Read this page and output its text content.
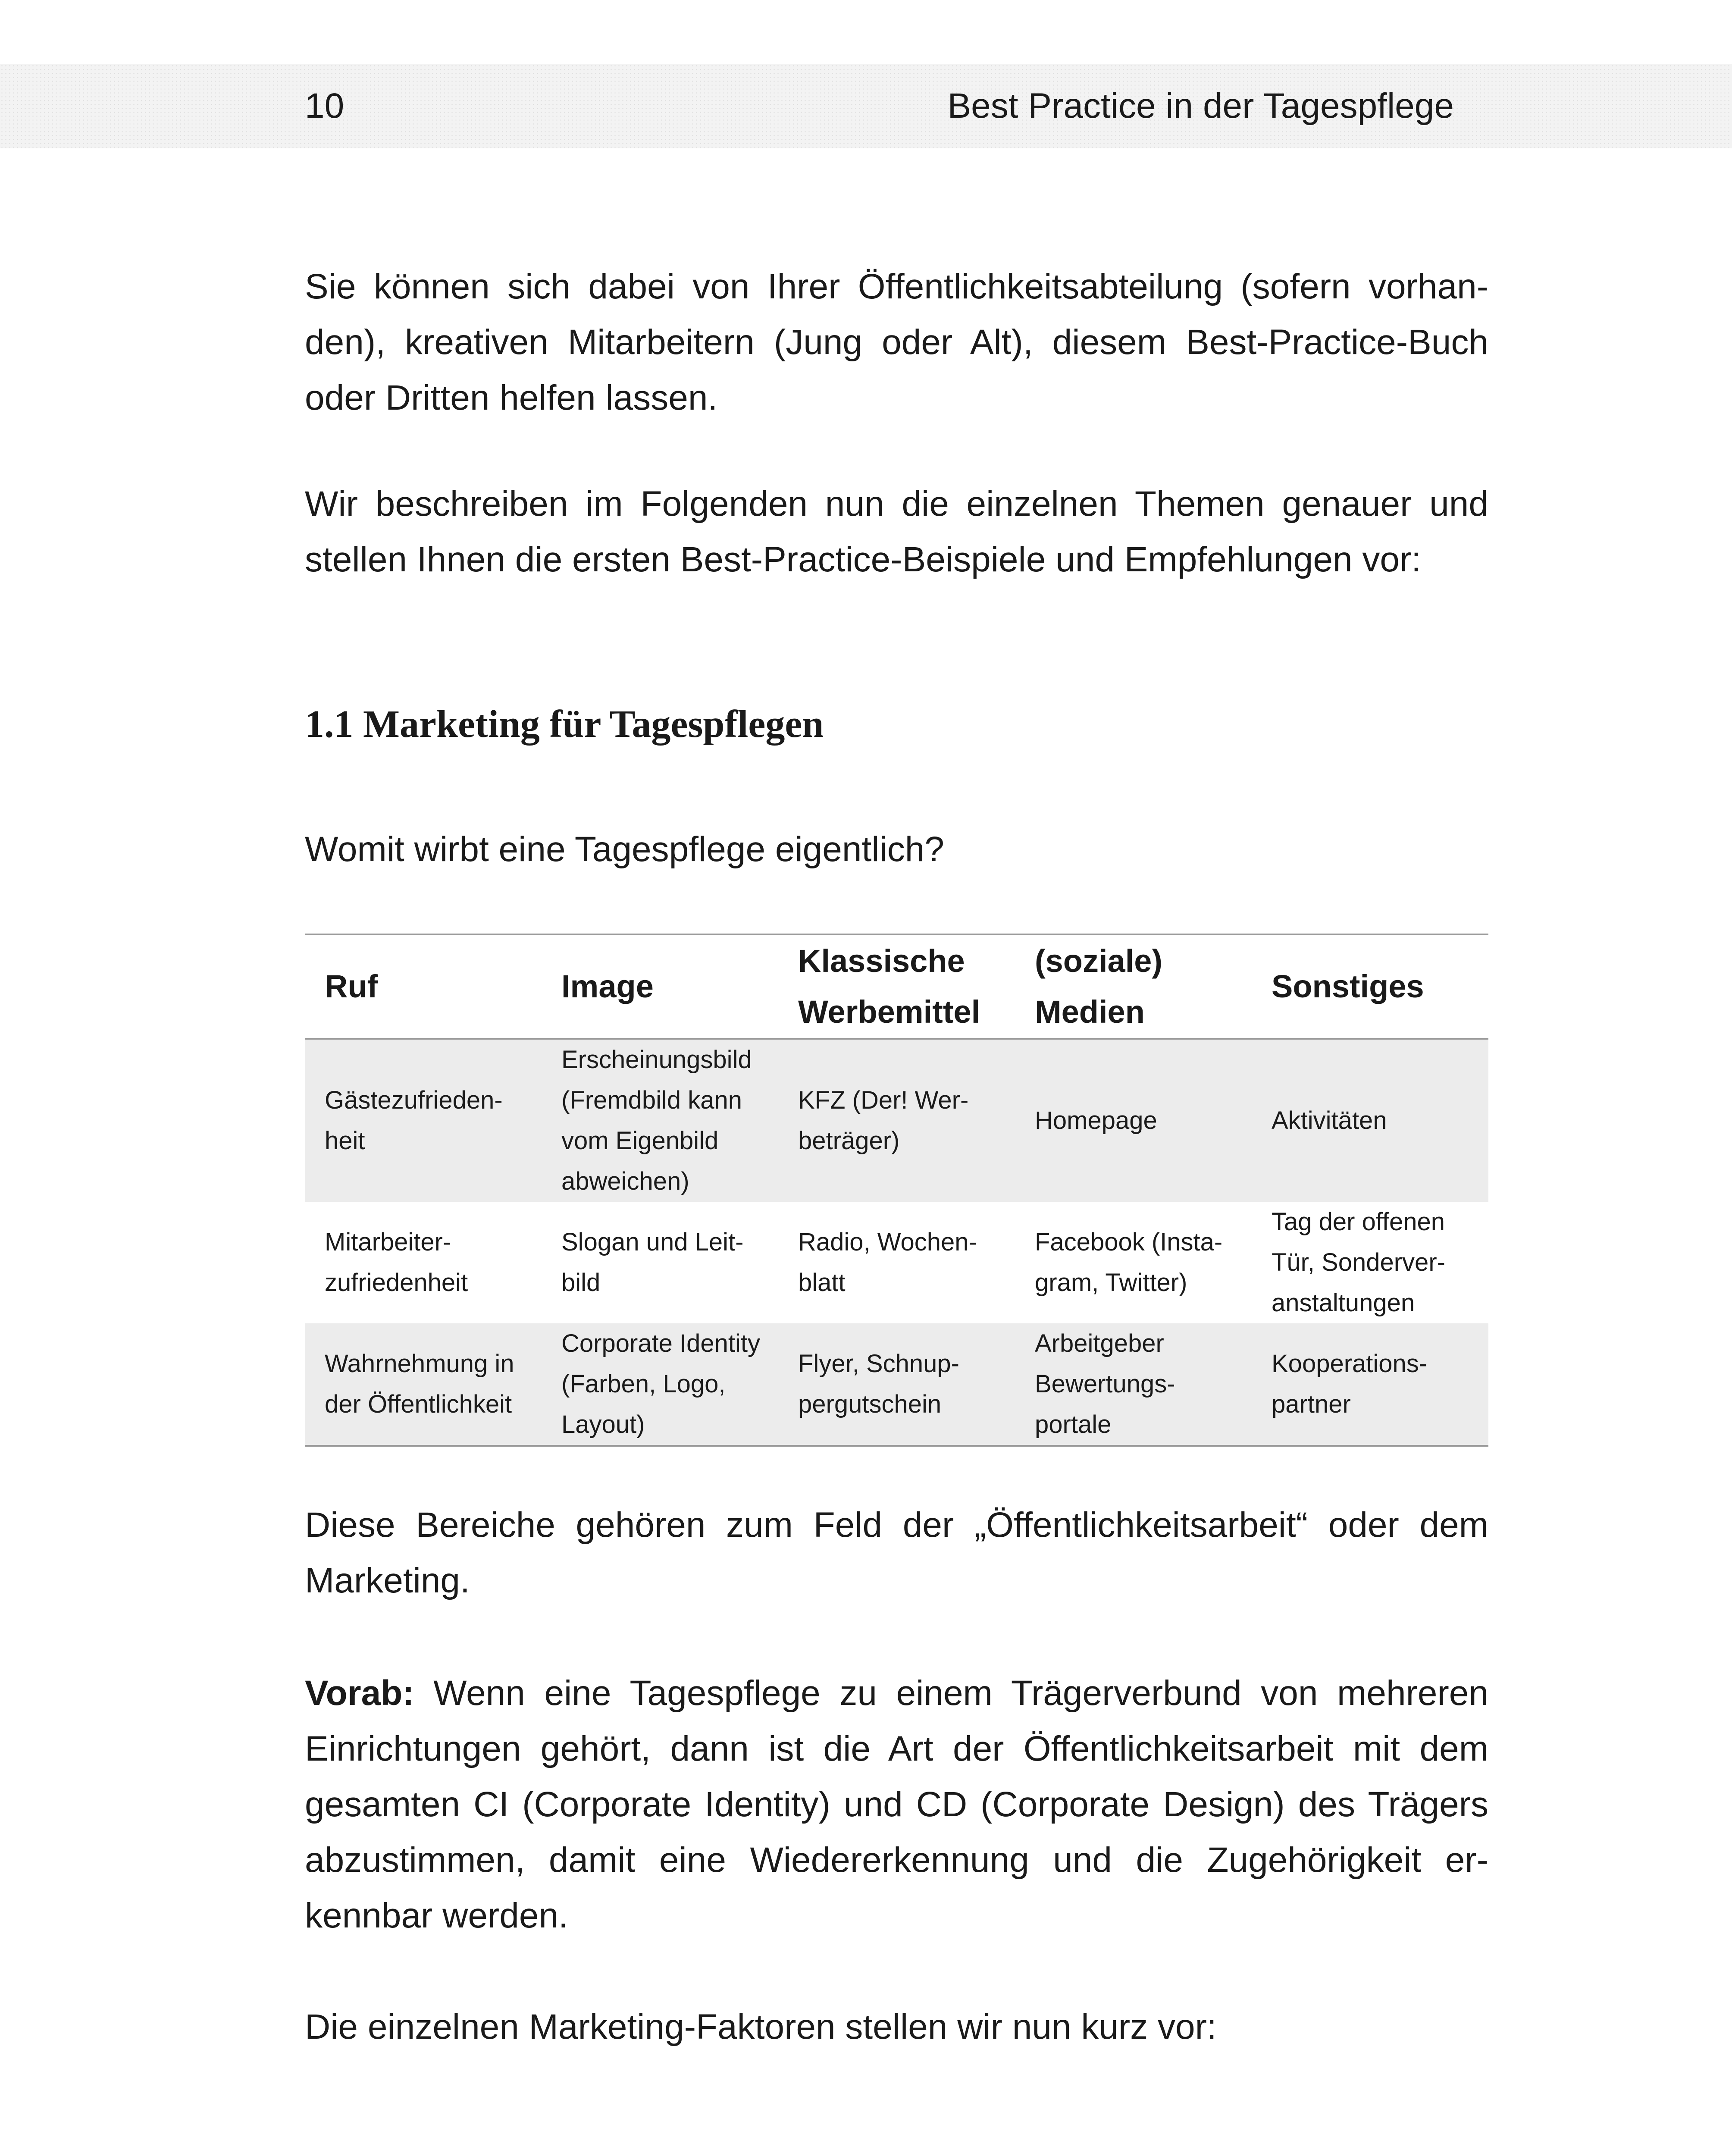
10	Best Practice in der Tagespflege

Sie können sich dabei von Ihrer Öffentlichkeitsabteilung (sofern vorhanden), kreativen Mitarbeitern (Jung oder Alt), diesem Best-Practice-Buch oder Dritten helfen lassen.

Wir beschreiben im Folgenden nun die einzelnen Themen genauer und stellen Ihnen die ersten Best-Practice-Beispiele und Empfehlungen vor:

1.1 Marketing für Tagespflegen

Womit wirbt eine Tagespflege eigentlich?

Ruf	Image	Klassische Werbemittel	(soziale) Medien	Sonstiges
Gästezufriedenheit	Erscheinungsbild (Fremdbild kann vom Eigenbild abweichen)	KFZ (Der! Werbeträger)	Homepage	Aktivitäten
Mitarbeiter-zufriedenheit	Slogan und Leitbild	Radio, Wochenblatt	Facebook (Instagram, Twitter)	Tag der offenen Tür, Sonderveranstaltungen
Wahrnehmung in der Öffentlichkeit	Corporate Identity (Farben, Logo, Layout)	Flyer, Schnuppergutschein	Arbeitgeber Bewertungsportale	Kooperationspartner

Diese Bereiche gehören zum Feld der „Öffentlichkeitsarbeit“ oder dem Marketing.

Vorab: Wenn eine Tagespflege zu einem Trägerverbund von mehreren Einrichtungen gehört, dann ist die Art der Öffentlichkeitsarbeit mit dem gesamten CI (Corporate Identity) und CD (Corporate Design) des Trägers abzustimmen, damit eine Wiedererkennung und die Zugehörigkeit erkennbar werden.

Die einzelnen Marketing-Faktoren stellen wir nun kurz vor:
